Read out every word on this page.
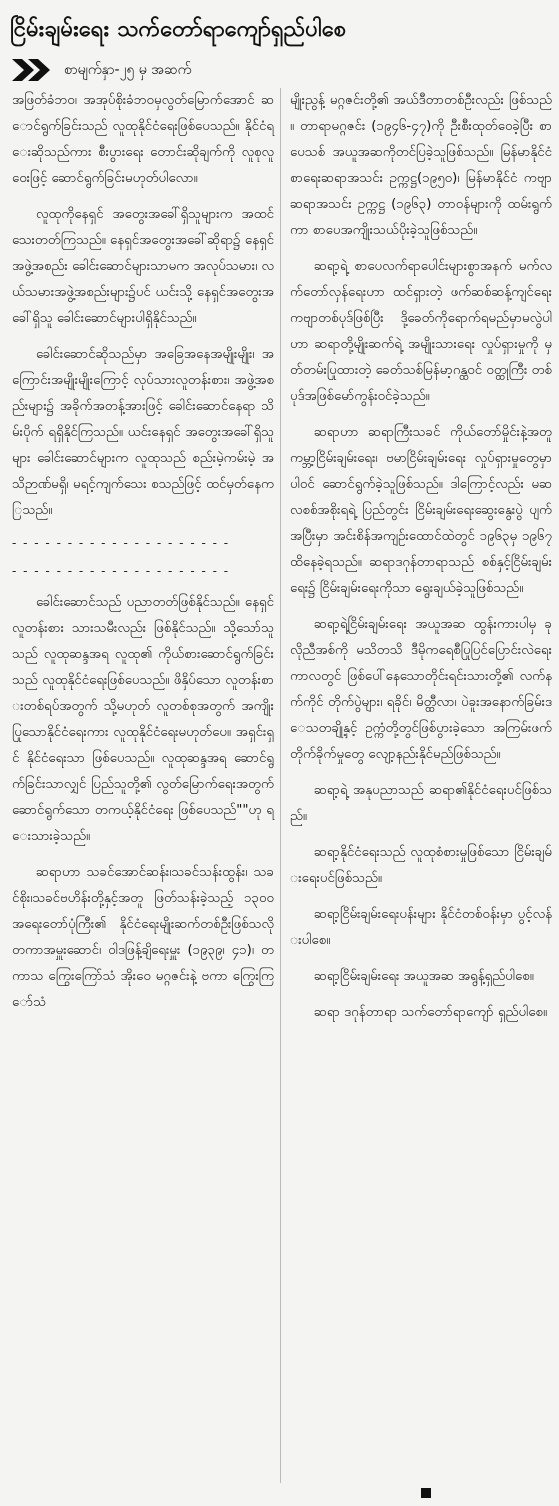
ငြိမ်းချမ်းရေး သက်တော်ရာကျော်ရှည်ပါစေ
စာမျက်နှာ-၂၅ မှ အဆက်

အဖြတ်ခံဘ၀၊ အအုပ်စိုးခံဘ၀မှလွတ်မြောက်အောင် ဆောင်ရွက်ခြင်းသည် လူထုနိုင်ငံရေးဖြစ်ပေသည်။ နိုင်ငံရေးဆိုသည်ကား စီးပွားရေး တောင်းဆိုချက်ကို လူစုလူဝေးဖြင့် ဆောင်ရွက်ခြင်းမဟုတ်ပါလော။

လူထုကိုနေရှင် အတွေးအခေါ်ရှိသူများက အထင်သေးတတ်ကြသည်။ နေရှင်အတွေးအခေါ်ဆိုရာ၌ နေရှင်အဖွဲ့အစည်း ခေါင်းဆောင်များသာမက အလုပ်သမား၊ လယ်သမားအဖွဲ့အစည်းများ၌ပင် ယင်းသို့ နေရှင်အတွေးအခေါ်ရှိသူ ခေါင်းဆောင်များပါရှိနိုင်သည်။

ခေါင်းဆောင်ဆိုသည်မှာ အခြေအနေအမျိုးမျိုး၊ အကြောင်းအမျိုးမျိုးကြောင့် လုပ်သားလူတန်းစား၊ အဖွဲ့အစည်းများ၌ အခိုက်အတန့်အားဖြင့် ခေါင်းဆောင်နေရာ သိမ်းပိုက် ရရှိနိုင်ကြသည်။ ယင်းနေရှင် အတွေးအခေါ်ရှိသူများ ခေါင်းဆောင်များက လူထုသည် စည်းမဲ့ကမ်းမဲ့ အသိဉာဏ်မရှိ၊ မရင့်ကျက်သေး စသည်ဖြင့် ထင်မှတ်နေကြသည်။

- - - - - - - - - - - - - - - - - - - -
- - - - - - - - - - - - - - - - - - - -

ခေါင်းဆောင်သည် ပညာတတ်ဖြစ်နိုင်သည်။ နေရှင်လူတန်းစား သားသမီးလည်း ဖြစ်နိုင်သည်။ သို့သော်သူသည် လူထုဆန္ဒအရ လူထု၏ ကိုယ်စားဆောင်ရွက်ခြင်းသည် လူထုနိုင်ငံရေးဖြစ်ပေသည်။ ဖိနှိပ်သော လူတန်းစားတစ်ရပ်အတွက် သို့မဟုတ် လူတစ်စုအတွက် အကျိုးပြုသောနိုင်ငံရေးကား လူထုနိုင်ငံရေးမဟုတ်ပေ။ အရှင်းရှင် နိုင်ငံရေးသာ ဖြစ်ပေသည်။ လူထုဆန္ဒအရ ဆောင်ရွက်ခြင်းသာလျှင် ပြည်သူတို့၏ လွတ်မြောက်ရေးအတွက်ဆောင်ရွက်သော တကယ့်နိုင်ငံရေး ဖြစ်ပေသည်""ဟု ရေးသားခဲ့သည်။

ဆရာဟာ သခင်အောင်ဆန်း၊သခင်သန်းထွန်း၊ သခင်စိုး၊သခင်ဗဟိန်းတို့နှင့်အတူ ဖြတ်သန်းခဲ့သည့် ၁၃၀၀ အရေးတော်ပုံကြီး၏ နိုင်ငံရေးမျိုးဆက်တစ်ဦးဖြစ်သလို တကာအမှူးဆောင်၊ ဝါဒဖြန့်ချိရေးမှူး (၁၉၃၉၊ ၄၁)၊ တကာသ ကြွေးကြော်သံ အိုးဝေ မဂ္ဂဇင်းနဲ့ ဗကာ ကြွေးကြော်သံ

မျိုးညွန့် မဂ္ဂဇင်းတို့၏ အယ်ဒီတာတစ်ဦးလည်း ဖြစ်သည်။ တာရာမဂ္ဂဇင်း (၁၉၄၆-၄၇)ကို ဦးစီးထုတ်ဝေခဲ့ပြီး စာပေသစ် အယူအဆကိုတင်ပြခဲ့သူဖြစ်သည်။ မြန်မာနိုင်ငံစာရေးဆရာအသင်း ဥက္ကဋ္ဌ(၁၉၅၀)၊ မြန်မာနိုင်ငံ ကဗျာဆရာအသင်း ဥက္ကဋ္ဌ (၁၉၆၃) တာဝန်များကို ထမ်းရွက်ကာ စာပေအကျိုးသယ်ပိုးခဲ့သူဖြစ်သည်။

ဆရာ့ရဲ့ စာပေလက်ရာပေါင်းများစွာအနက် မက်လက်တော်လှန်ရေးဟာ ထင်ရှားတဲ့ ဖက်ဆစ်ဆန့်ကျင်ရေးကဗျာတစ်ပုဒ်ဖြစ်ပြီး ဒို့ခေတ်ကိုရောက်ရမည်မှာမလွဲပါဟာ ဆရာတို့မျိုးဆက်ရဲ့ အမျိုးသားရေး လှုပ်ရှားမှုကို မှတ်တမ်းပြုထားတဲ့ ခေတ်သစ်မြန်မာ့ဂန္ထဝင် ဝတ္ထုကြီး တစ်ပုဒ်အဖြစ်မော်ကွန်းဝင်ခဲ့သည်။

ဆရာဟာ ဆရာကြီးသခင် ကိုယ်တော်မှိုင်းနဲ့အတူ ကမ္ဘာ့ငြိမ်းချမ်းရေး၊ ဗမာငြိမ်းချမ်းရေး လှုပ်ရှားမှုတွေမှာ ပါဝင် ဆောင်ရွက်ခဲ့သူဖြစ်သည်။ ဒါကြောင့်လည်း မဆလစစ်အစိုးရရဲ့ ပြည်တွင်း ငြိမ်းချမ်းရေးဆွေးနွေးပွဲ ပျက်အပြီးမှာ အင်းစိန်အကျဉ်းထောင်ထဲတွင် ၁၉၆၃မှ ၁၉၆၇ထိနေခဲ့ရသည်။ ဆရာဒဂုန်တာရာသည် စစ်နှင့်ငြိမ်းချမ်းရေး၌ ငြိမ်းချမ်းရေးကိုသာ ရွေးချယ်ခဲ့သူဖြစ်သည်။

ဆရာ့ရဲ့ငြိမ်းချမ်းရေး အယူအဆ ထွန်းကားပါမှ ခုလိုညီအစ်ကို မသိတသိ ဒီမိုကရေစီပြုပြင်ပြောင်းလဲရေး ကာလတွင် ဖြစ်ပေါ်နေသောတိုင်းရင်းသားတို့၏ လက်နက်ကိုင် တိုက်ပွဲများ၊ ရခိုင်၊ မိတ္ထီလာ၊ ပဲခူးအနောက်ခြမ်းဒေသတချို့နှင့် ဥက္ကံတို့တွင်ဖြစ်ပွားခဲ့သော အကြမ်းဖက်တိုက်ခိုက်မှုတွေ လျော့နည်းနိုင်မည်ဖြစ်သည်။

ဆရာ့ရဲ့ အနုပညာသည် ဆရာ၏နိုင်ငံရေးပင်ဖြစ်သည်။

ဆရာ့နိုင်ငံရေးသည် လူထုစံစားမှုဖြစ်သော ငြိမ်းချမ်းရေးပင်ဖြစ်သည်။

ဆရာ့ငြိမ်းချမ်းရေးပန်းများ နိုင်ငံတစ်ဝန်းမှာ ပွင့်လန်းပါစေ။

ဆရာ့ငြိမ်းချမ်းရေး အယူအဆ အရွန့်ရှည်ပါစေ။

ဆရာ ဒဂုန်တာရာ သက်တော်ရာကျော် ရှည်ပါစေ။
